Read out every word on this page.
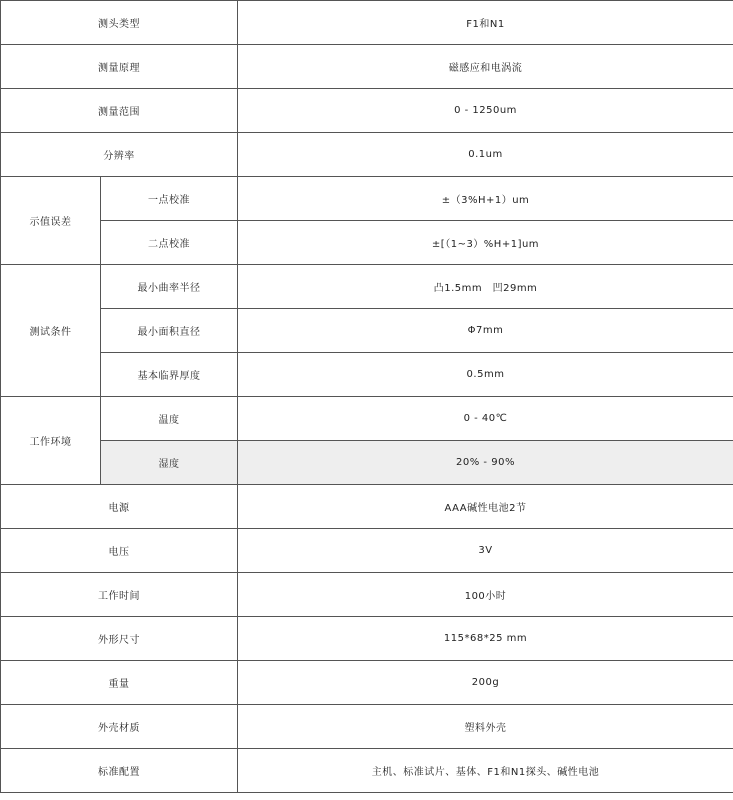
测头类型		F1和N1
测量原理		磁感应和电涡流
测量范围		0 - 1250um
分辨率		0.1um
示值误差	一点校准	±（3%H+1）um
	二点校准	±[（1~3）%H+1]um
测试条件	最小曲率半径	凸1.5mm　凹29mm
	最小面积直径	Φ7mm
	基本临界厚度	0.5mm
工作环境	温度	0 - 40℃
	湿度	20% - 90%
电源		AAA碱性电池2节
电压		3V
工作时间		100小时
外形尺寸		115*68*25 mm
重量		200g
外壳材质		塑料外壳
标准配置		主机、标准试片、基体、F1和N1探头、碱性电池
